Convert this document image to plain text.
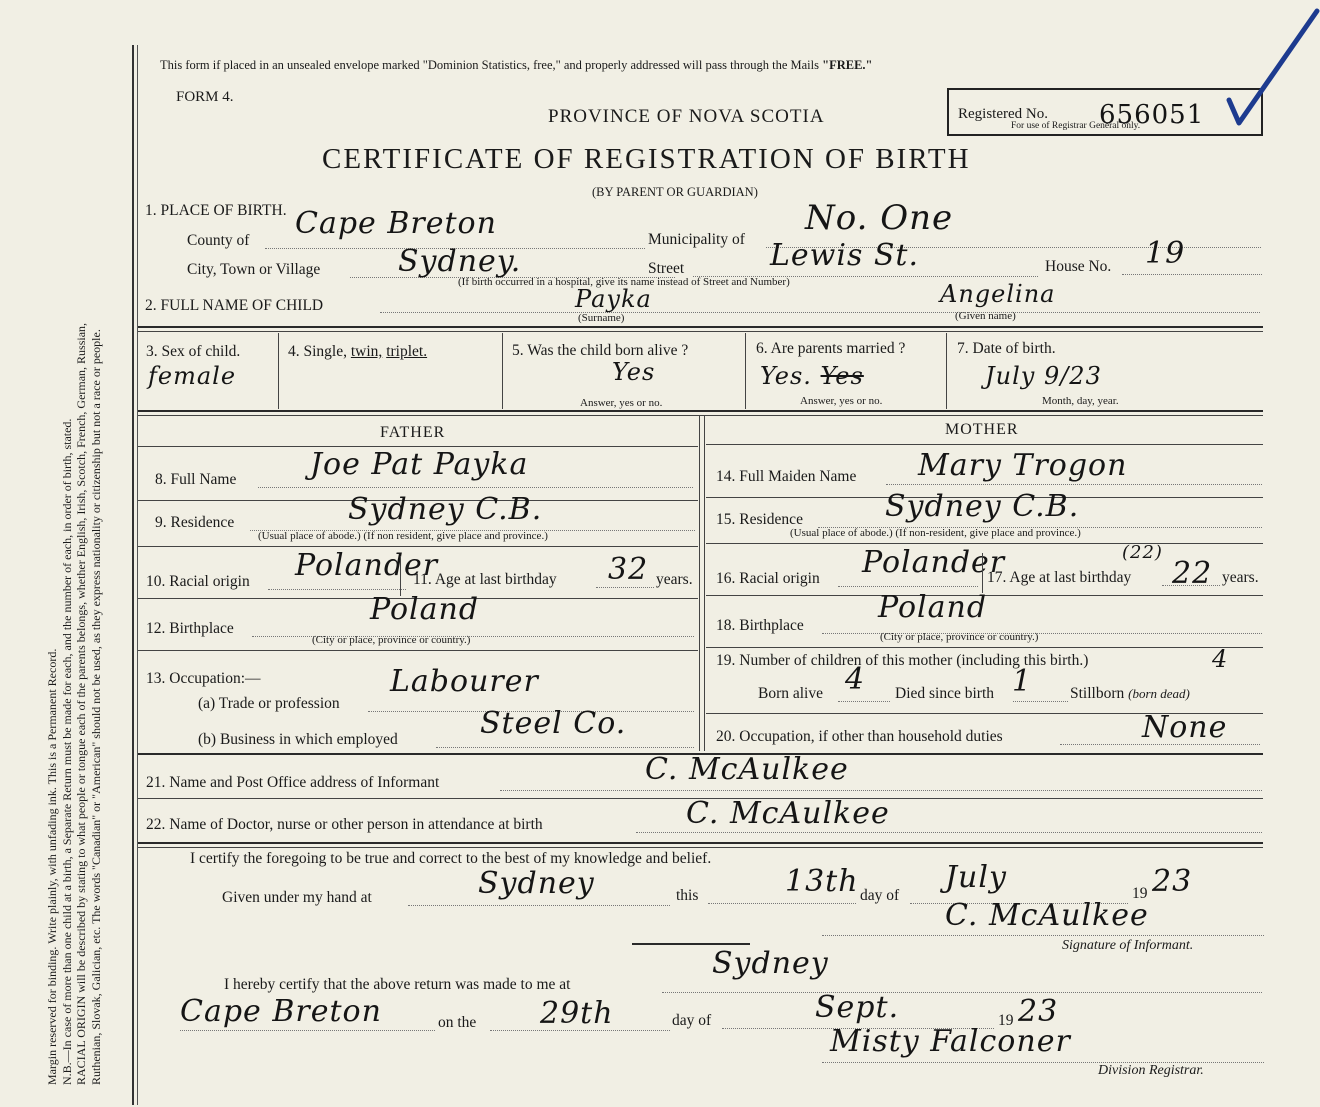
Margin reserved for binding. Write plainly, with unfading ink. This is a Permanent Record. N.B.—In case of more than one child at a birth, a Separate Return must be made for each, and the number of each, in order of birth, stated. RACIAL ORIGIN will be described by stating to what people or tongue each of the parents belongs, whether English, Irish, Scotch, French, German, Russian, Ruthenian, Slovak, Galician, etc. The words "Canadian" or "American" should not be used, as they express nationality or citizenship but not a race or people.
This form if placed in an unsealed envelope marked "Dominion Statistics, free," and properly addressed will pass through the Mails "FREE."
FORM 4.
PROVINCE OF NOVA SCOTIA
CERTIFICATE OF REGISTRATION OF BIRTH
(BY PARENT OR GUARDIAN)
Registered No. 656051
For use of Registrar General only.
1. PLACE OF BIRTH.
County of Cape Breton	Municipality of
No. One
City, Town or Village	Sydney.	Street	Lewis St.
(If birth occurred in a hospital, give its name instead of Street and Number)
House No. 19
2. FULL NAME OF CHILD	Payka
(Surname)
Angelina
(Given name)
3. Sex of child.
female
4. Single, twin, triplet.	5. Was the child born alive ?
Yes
Answer, yes or no.
6. Are parents married ?
Yes. Yes
Answer, yes or no.
7. Date of birth.
July 9/23
Month, day, year.
FATHER	MOTHER
8. Full Name Joe Pat Payka
9. Residence	Sydney C.B.
(Usual place of abode.) (If non resident, give place and province.)
10. Racial origin Polander
11. Age at last birthday 32 years.
12. Birthplace
Poland
(City or place, province or country.)
13. Occupation:—
(a) Trade or profession
Labourer
(b) Business in which employed	Steel Co.
14. Full Maiden Name Mary Trogon
15. Residence	Sydney C.B.
(Usual place of abode.) (If non-resident, give place and province.)
16. Racial origin Polander
17. Age at last birthday
(22)
22 years.
18. Birthplace
Poland
(City or place, province or country.)
19. Number of children of this mother (including this birth.)	4
Born alive 4 Died since birth 1 Stillborn (born dead)
20. Occupation, if other than household duties	None
21. Name and Post Office address of Informant	C. McAulkee
22. Name of Doctor, nurse or other person in attendance at birth	C. McAulkee
I certify the foregoing to be true and correct to the best of my knowledge and belief.
Given under my hand at	Sydney	this	13th day of
July	19 23
C. McAulkee
Signature of Informant.
I hereby certify that the above return was made to me at
Sydney
Cape Breton	on the 29th	day of	Sept.	19 23
Misty Falconer
Division Registrar.
